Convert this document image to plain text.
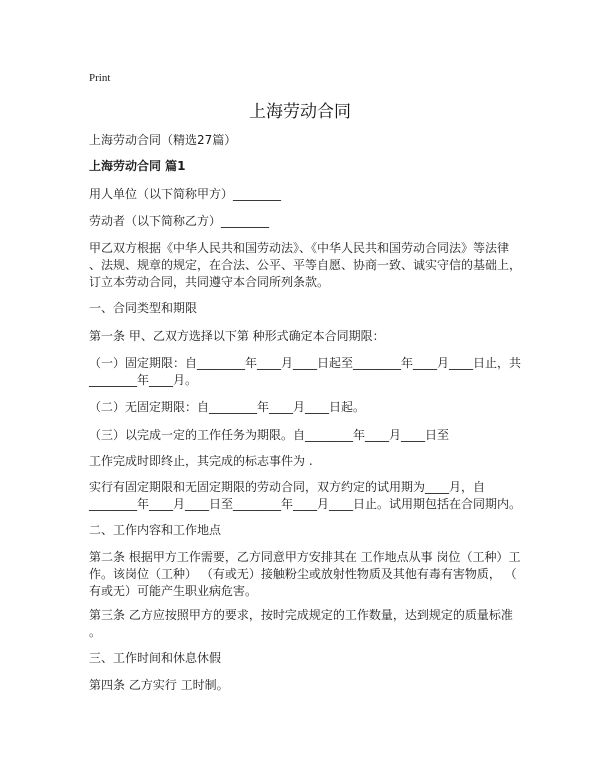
Print
上海劳动合同
上海劳动合同（精选27篇）
上海劳动合同 篇1
用人单位（以下简称甲方）________
劳动者（以下简称乙方）________
甲乙双方根据《中华人民共和国劳动法》、《中华人民共和国劳动合同法》等法律
、法规、规章的规定，在合法、公平、平等自愿、协商一致、诚实守信的基础上，
订立本劳动合同，共同遵守本合同所列条款。
一、合同类型和期限
第一条 甲、乙双方选择以下第 种形式确定本合同期限：
（一）固定期限：自________年____月____日起至________年____月____日止，共
________年____月。
（二）无固定期限：自________年____月____日起。
（三）以完成一定的工作任务为期限。自________年____月____日至
工作完成时即终止，其完成的标志事件为 .
实行有固定期限和无固定期限的劳动合同，双方约定的试用期为____月，自
________年____月____日至________年____月____日止。试用期包括在合同期内。
二、工作内容和工作地点
第二条 根据甲方工作需要，乙方同意甲方安排其在 工作地点从事 岗位（工种）工
作。该岗位（工种） （有或无）接触粉尘或放射性物质及其他有毒有害物质， （
有或无）可能产生职业病危害。
第三条 乙方应按照甲方的要求，按时完成规定的工作数量，达到规定的质量标准
。
三、工作时间和休息休假
第四条 乙方实行 工时制。
